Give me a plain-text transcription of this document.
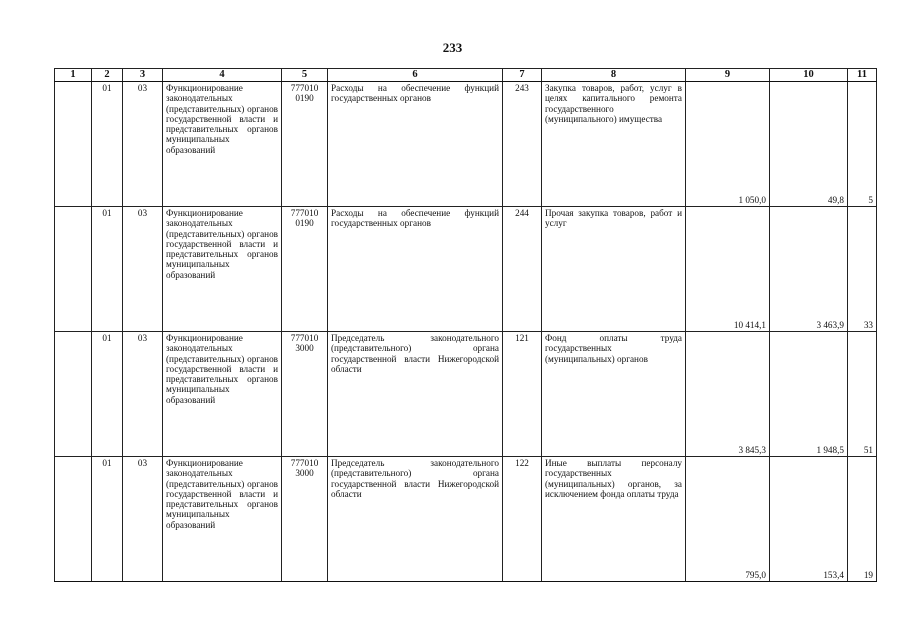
233
1	2	3	4	5	6	7	8	9	10	11
	01	03	Функционирование законодательных (представительных) органов государственной власти и представительных органов муниципальных образований	777010 0190	Расходы на обеспечение функций государственных органов	243	Закупка товаров, работ, услуг в целях капитального ремонта государственного (муниципального) имущества	1 050,0	49,8	5
	01	03	Функционирование законодательных (представительных) органов государственной власти и представительных органов муниципальных образований	777010 0190	Расходы на обеспечение функций государственных органов	244	Прочая закупка товаров, работ и услуг	10 414,1	3 463,9	33
	01	03	Функционирование законодательных (представительных) органов государственной власти и представительных органов муниципальных образований	777010 3000	Председатель законодательного (представительного) органа государственной власти Нижегородской области	121	Фонд оплаты труда государственных (муниципальных) органов	3 845,3	1 948,5	51
	01	03	Функционирование законодательных (представительных) органов государственной власти и представительных органов муниципальных образований	777010 3000	Председатель законодательного (представительного) органа государственной власти Нижегородской области	122	Иные выплаты персоналу государственных (муниципальных) органов, за исключением фонда оплаты труда	795,0	153,4	19
